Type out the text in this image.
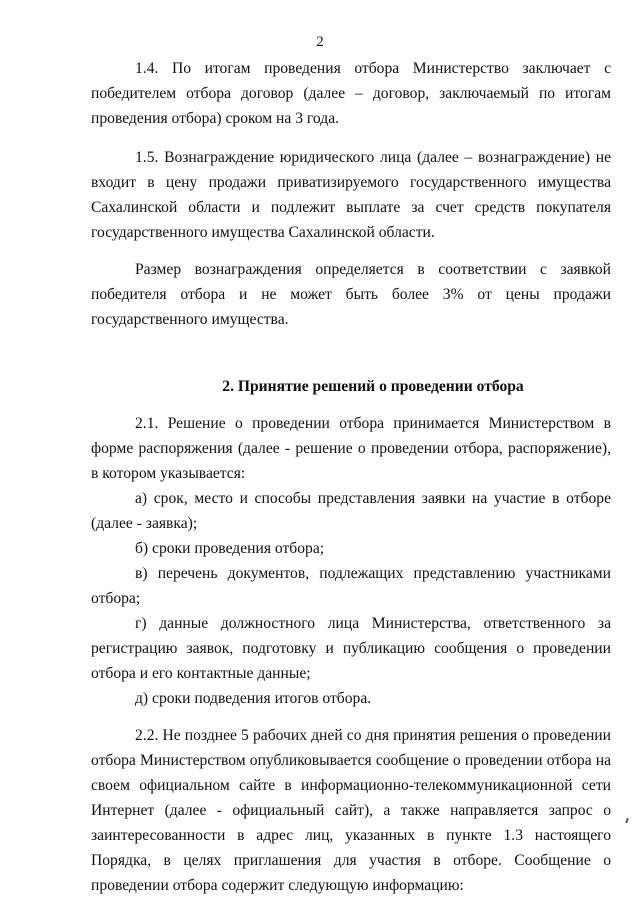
2

1.4. По итогам проведения отбора Министерство заключает с победителем отбора договор (далее – договор, заключаемый по итогам проведения отбора) сроком на 3 года.

1.5. Вознаграждение юридического лица (далее – вознаграждение) не входит в цену продажи приватизируемого государственного имущества Сахалинской области и подлежит выплате за счет средств покупателя государственного имущества Сахалинской области.

Размер вознаграждения определяется в соответствии с заявкой победителя отбора и не может быть более 3% от цены продажи государственного имущества.

2. Принятие решений о проведении отбора

2.1. Решение о проведении отбора принимается Министерством в форме распоряжения (далее - решение о проведении отбора, распоряжение), в котором указывается:

а) срок, место и способы представления заявки на участие в отборе (далее - заявка);

б) сроки проведения отбора;

в) перечень документов, подлежащих представлению участниками отбора;

г) данные должностного лица Министерства, ответственного за регистрацию заявок, подготовку и публикацию сообщения о проведении отбора и его контактные данные;

д) сроки подведения итогов отбора.

2.2. Не позднее 5 рабочих дней со дня принятия решения о проведении отбора Министерством опубликовывается сообщение о проведении отбора на своем официальном сайте в информационно-телекоммуникационной сети Интернет (далее - официальный сайт), а также направляется запрос о заинтересованности в адрес лиц, указанных в пункте 1.3 настоящего Порядка, в целях приглашения для участия в отборе. Сообщение о проведении отбора содержит следующую информацию:
